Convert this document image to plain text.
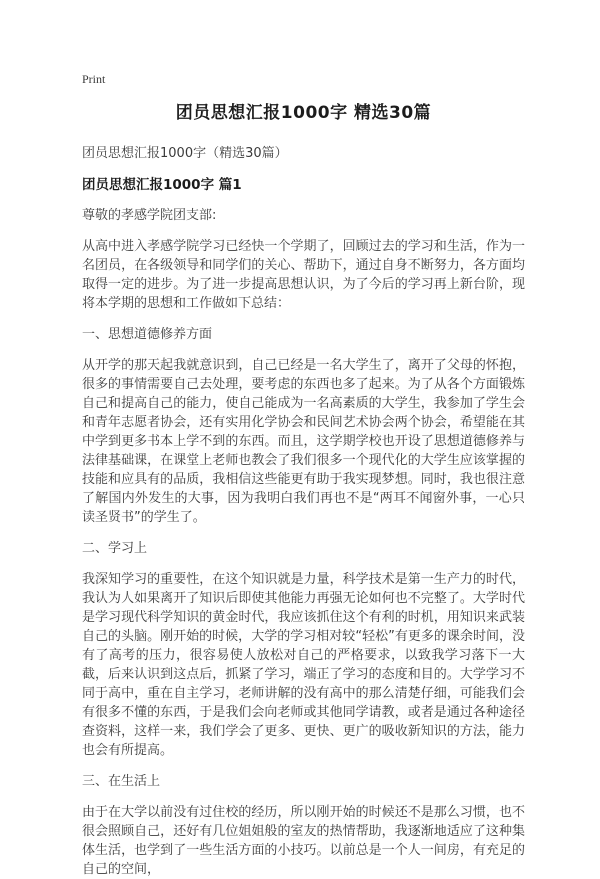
Print
团员思想汇报1000字 精选30篇

团员思想汇报1000字（精选30篇）

团员思想汇报1000字 篇1

尊敬的孝感学院团支部:

从高中进入孝感学院学习已经快一个学期了，回顾过去的学习和生活，作为一名团员，在各级领导和同学们的关心、帮助下，通过自身不断努力，各方面均取得一定的进步。为了进一步提高思想认识，为了今后的学习再上新台阶，现将本学期的思想和工作做如下总结：

一、思想道德修养方面

从开学的那天起我就意识到，自己已经是一名大学生了，离开了父母的怀抱，很多的事情需要自己去处理，要考虑的东西也多了起来。为了从各个方面锻炼自己和提高自己的能力，使自己能成为一名高素质的大学生，我参加了学生会和青年志愿者协会，还有实用化学协会和民间艺术协会两个协会，希望能在其中学到更多书本上学不到的东西。而且，这学期学校也开设了思想道德修养与法律基础课，在课堂上老师也教会了我们很多一个现代化的大学生应该掌握的技能和应具有的品质，我相信这些能更有助于我实现梦想。同时，我也很注意了解国内外发生的大事，因为我明白我们再也不是“两耳不闻窗外事，一心只读圣贤书”的学生了。

二、学习上

我深知学习的重要性，在这个知识就是力量，科学技术是第一生产力的时代，我认为人如果离开了知识后即使其他能力再强无论如何也不完整了。大学时代是学习现代科学知识的黄金时代，我应该抓住这个有利的时机，用知识来武装自己的头脑。刚开始的时候，大学的学习相对较“轻松”有更多的课余时间，没有了高考的压力，很容易使人放松对自己的严格要求，以致我学习落下一大截，后来认识到这点后，抓紧了学习，端正了学习的态度和目的。大学学习不同于高中，重在自主学习，老师讲解的没有高中的那么清楚仔细，可能我们会有很多不懂的东西，于是我们会向老师或其他同学请教，或者是通过各种途径查资料，这样一来，我们学会了更多、更快、更广的吸收新知识的方法，能力也会有所提高。

三、在生活上

由于在大学以前没有过住校的经历，所以刚开始的时候还不是那么习惯，也不很会照顾自己，还好有几位姐姐般的室友的热情帮助，我逐渐地适应了这种集体生活，也学到了一些生活方面的小技巧。以前总是一个人一间房，有充足的自己的空间，
